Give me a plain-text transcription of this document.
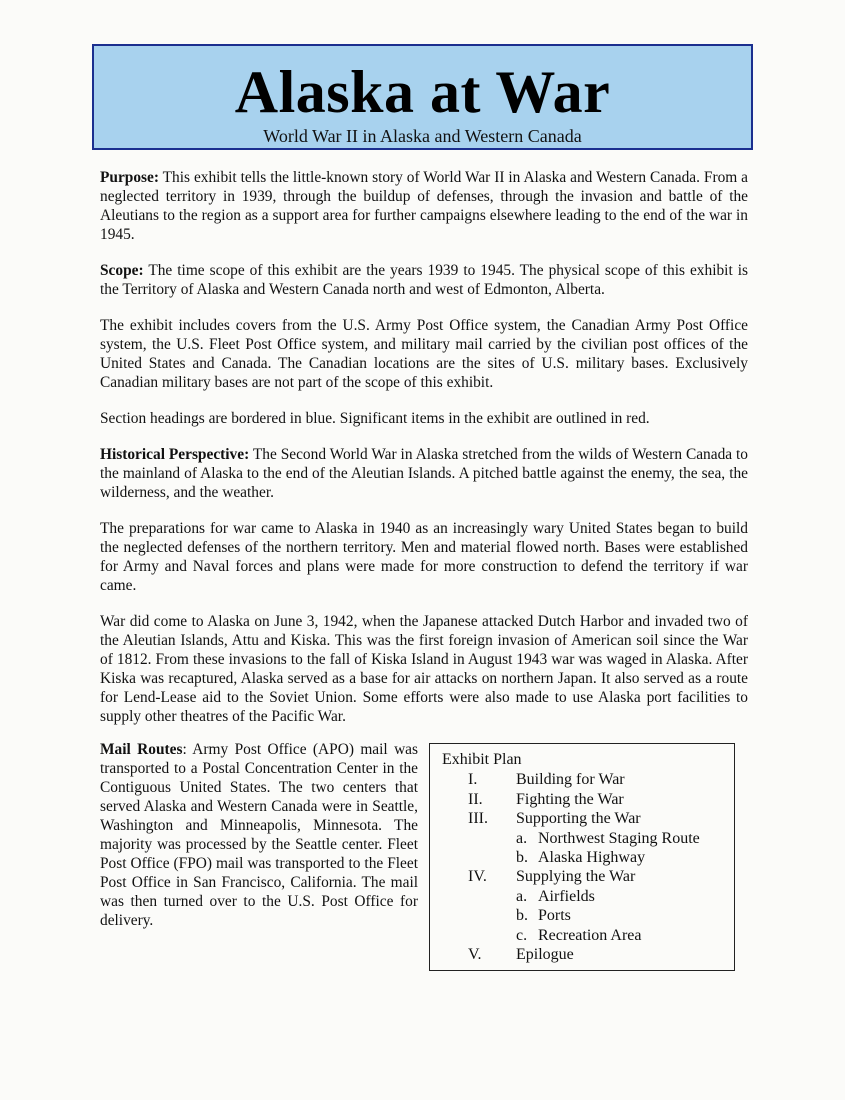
Alaska at War
World War II in Alaska and Western Canada

Purpose: This exhibit tells the little-known story of World War II in Alaska and Western Canada. From a neglected territory in 1939, through the buildup of defenses, through the invasion and battle of the Aleutians to the region as a support area for further campaigns elsewhere leading to the end of the war in 1945.

Scope: The time scope of this exhibit are the years 1939 to 1945. The physical scope of this exhibit is the Territory of Alaska and Western Canada north and west of Edmonton, Alberta.

The exhibit includes covers from the U.S. Army Post Office system, the Canadian Army Post Office system, the U.S. Fleet Post Office system, and military mail carried by the civilian post offices of the United States and Canada. The Canadian locations are the sites of U.S. military bases. Exclusively Canadian military bases are not part of the scope of this exhibit.

Section headings are bordered in blue. Significant items in the exhibit are outlined in red.

Historical Perspective: The Second World War in Alaska stretched from the wilds of Western Canada to the mainland of Alaska to the end of the Aleutian Islands. A pitched battle against the enemy, the sea, the wilderness, and the weather.

The preparations for war came to Alaska in 1940 as an increasingly wary United States began to build the neglected defenses of the northern territory. Men and material flowed north. Bases were established for Army and Naval forces and plans were made for more construction to defend the territory if war came.

War did come to Alaska on June 3, 1942, when the Japanese attacked Dutch Harbor and invaded two of the Aleutian Islands, Attu and Kiska. This was the first foreign invasion of American soil since the War of 1812. From these invasions to the fall of Kiska Island in August 1943 war was waged in Alaska. After Kiska was recaptured, Alaska served as a base for air attacks on northern Japan. It also served as a route for Lend-Lease aid to the Soviet Union. Some efforts were also made to use Alaska port facilities to supply other theatres of the Pacific War.

Mail Routes: Army Post Office (APO) mail was transported to a Postal Concentration Center in the Contiguous United States. The two centers that served Alaska and Western Canada were in Seattle, Washington and Minneapolis, Minnesota. The majority was processed by the Seattle center. Fleet Post Office (FPO) mail was transported to the Fleet Post Office in San Francisco, California. The mail was then turned over to the U.S. Post Office for delivery.

Exhibit Plan
I. Building for War
II. Fighting the War
III. Supporting the War
a. Northwest Staging Route
b. Alaska Highway
IV. Supplying the War
a. Airfields
b. Ports
c. Recreation Area
V. Epilogue
